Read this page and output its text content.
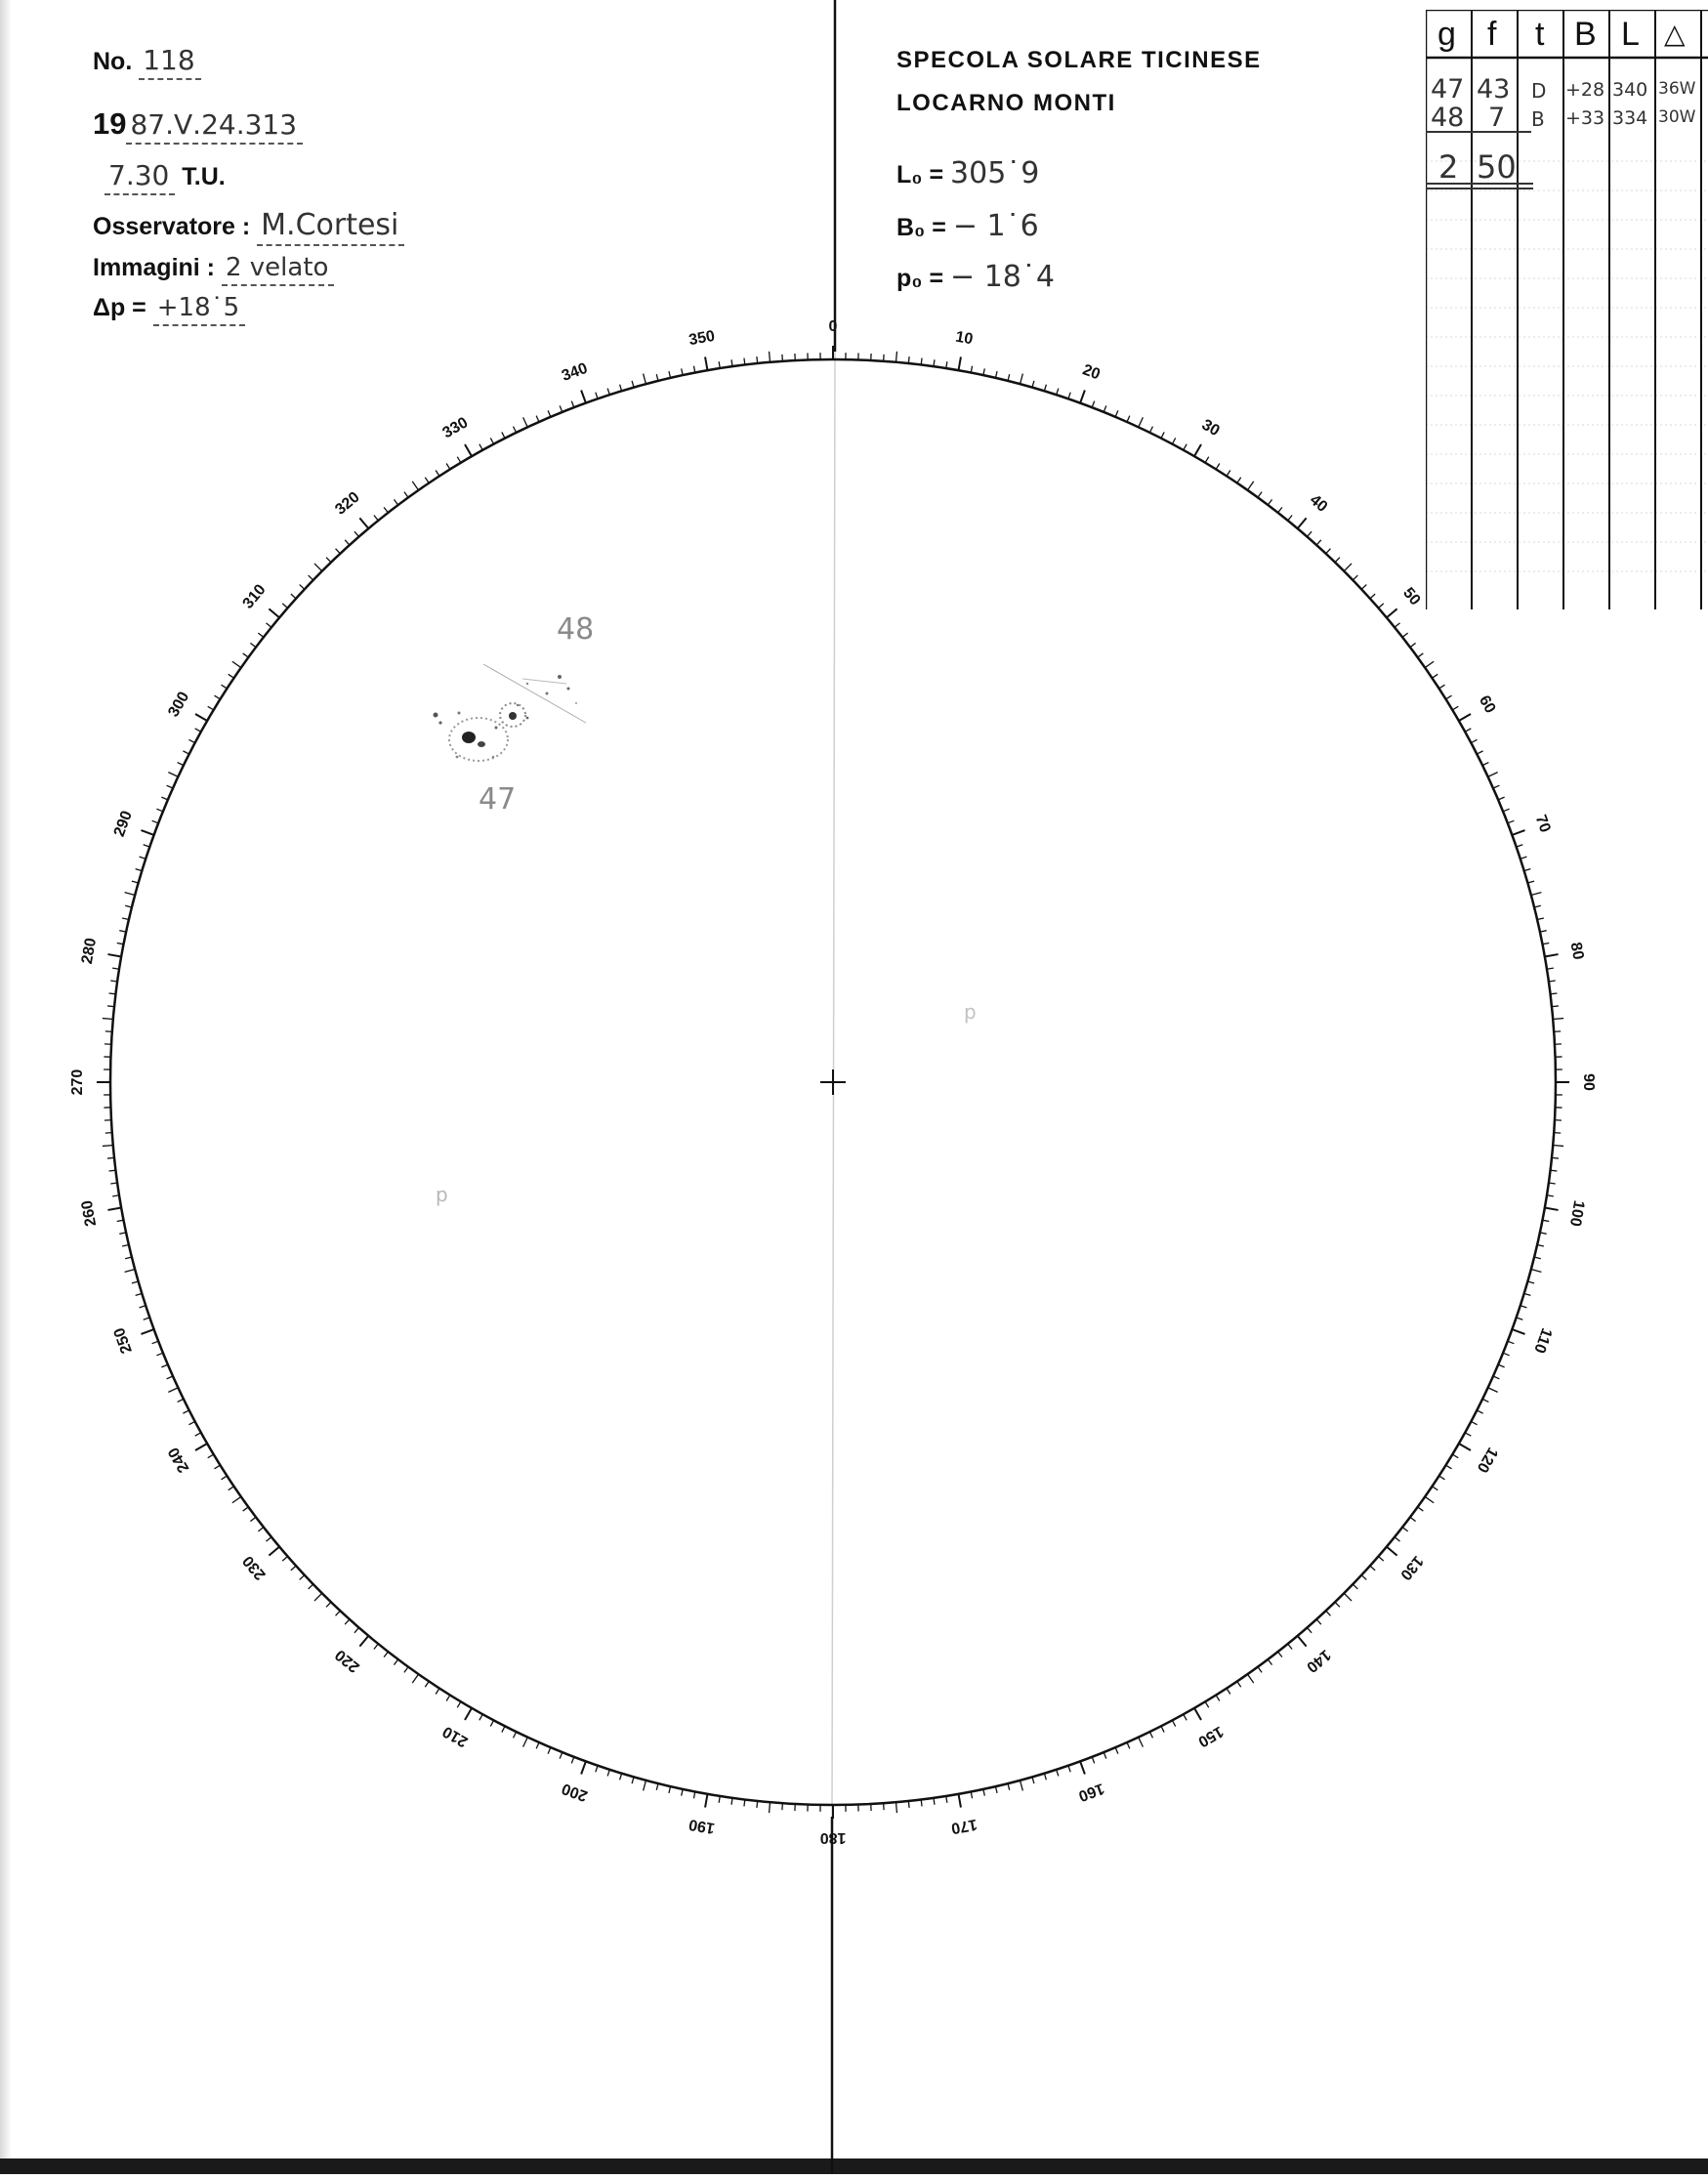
0
10
20
30
40
50
60
70
80
90
100
110
120
130
140
150
160
170
180
190
200
210
220
230
240
250
260
270
280
290
300
310
320
330
340
350
48
47
p
p
No. 118
19 87.Ⅴ.24.313
7.30 T.U.
Osservatore : M.Cortesi
Immagini : 2 velato
Δp = +18˙5
SPECOLA SOLARE TICINESE
LOCARNO MONTI
L₀ = 305˙9
B₀ = − 1˙6
p₀ = − 18˙4
g f t B L △
47 43 D +28 340 36W
48 7 B +33 334 30W
2 50
